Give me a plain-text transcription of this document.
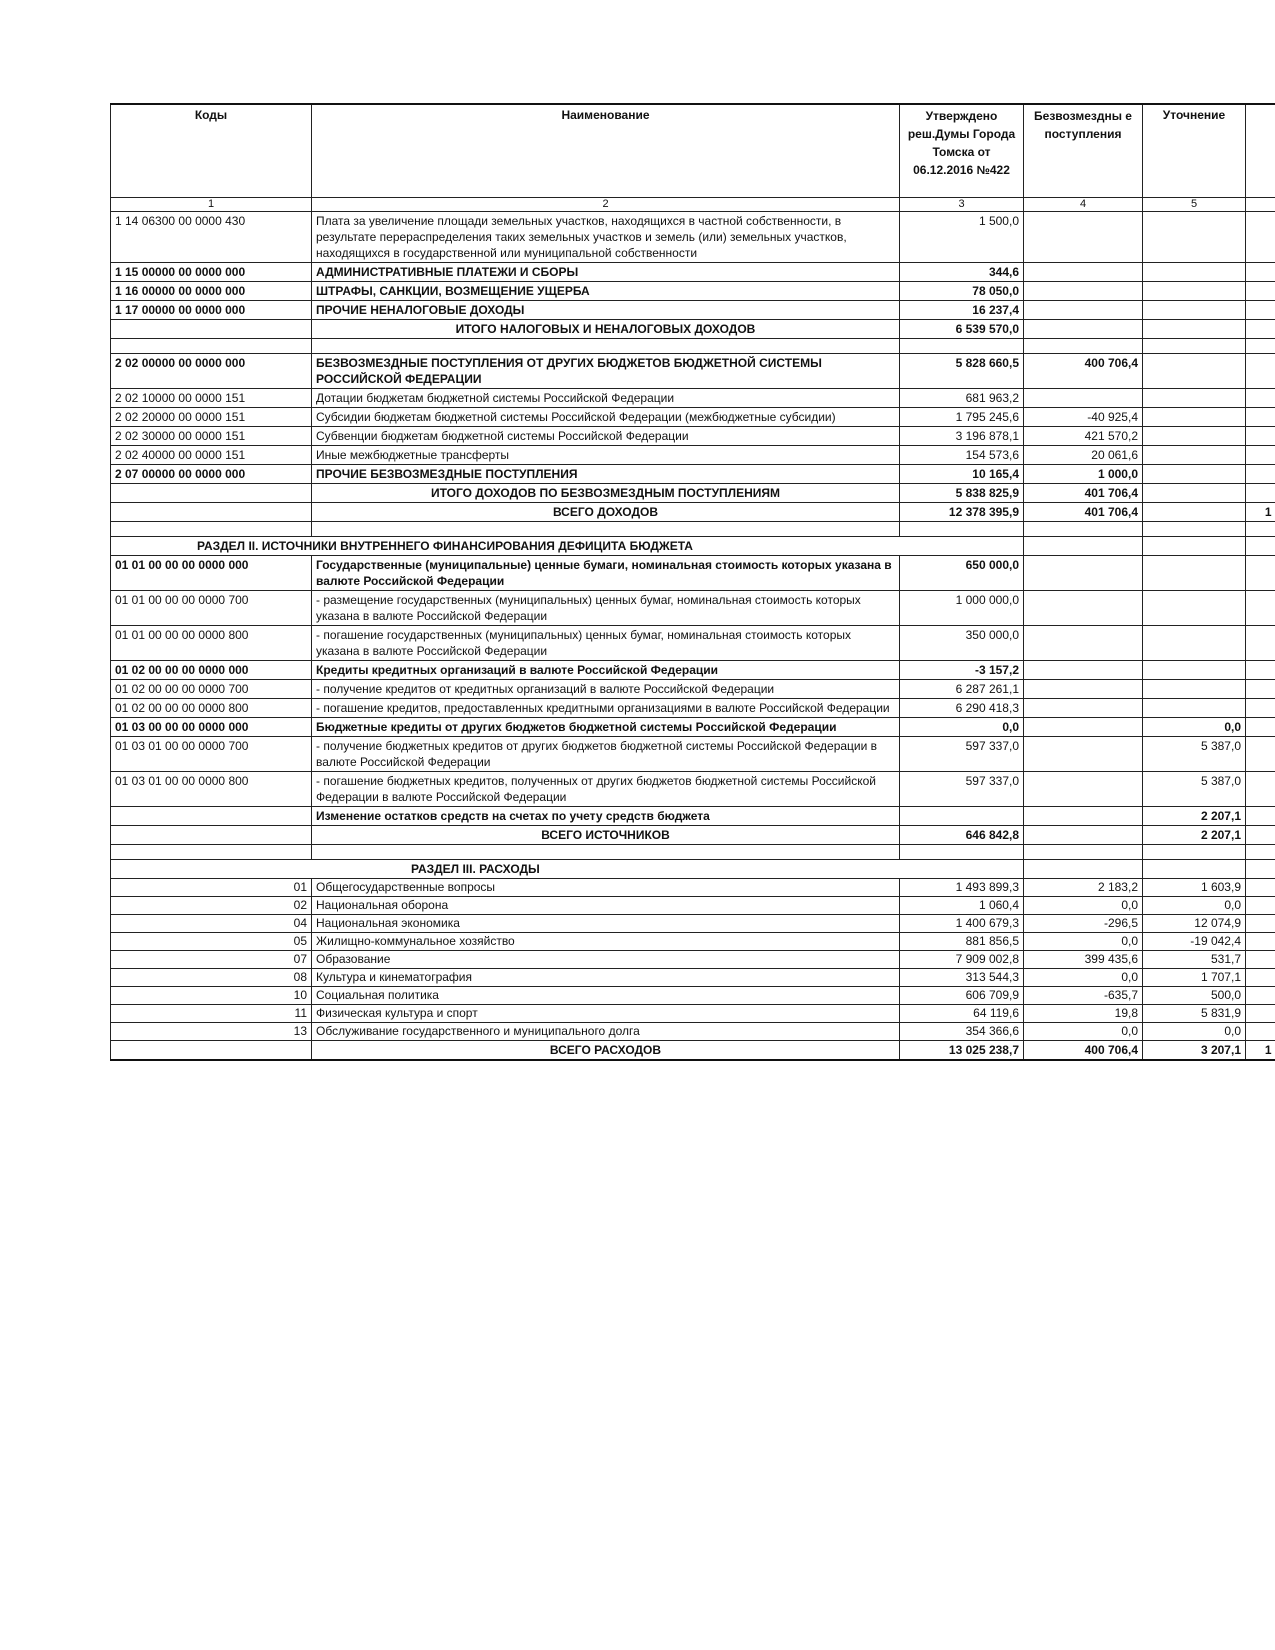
Коды	Наименование	Утверждено реш.Думы Города Томска от 06.12.2016 №422	Безвозмездны е поступления	Уточнение	
1	2	3	4	5	
1 14 06300 00 0000 430	Плата за увеличение площади земельных участков, находящихся в частной собственности, в результате перераспределения таких земельных участков и земель (или) земельных участков, находящихся в государственной или муниципальной собственности	1 500,0			
1 15 00000 00 0000 000	АДМИНИСТРАТИВНЫЕ ПЛАТЕЖИ И СБОРЫ	344,6			
1 16 00000 00 0000 000	ШТРАФЫ, САНКЦИИ, ВОЗМЕЩЕНИЕ УЩЕРБА	78 050,0			
1 17 00000 00 0000 000	ПРОЧИЕ НЕНАЛОГОВЫЕ ДОХОДЫ	16 237,4			
	ИТОГО НАЛОГОВЫХ И НЕНАЛОГОВЫХ ДОХОДОВ	6 539 570,0			

2 02 00000 00 0000 000	БЕЗВОЗМЕЗДНЫЕ ПОСТУПЛЕНИЯ ОТ ДРУГИХ БЮДЖЕТОВ БЮДЖЕТНОЙ СИСТЕМЫ РОССИЙСКОЙ ФЕДЕРАЦИИ	5 828 660,5	400 706,4		
2 02 10000 00 0000 151	Дотации бюджетам бюджетной системы Российской Федерации	681 963,2			
2 02 20000 00 0000 151	Субсидии бюджетам бюджетной системы Российской Федерации (межбюджетные субсидии)	1 795 245,6	-40 925,4		
2 02 30000 00 0000 151	Субвенции бюджетам бюджетной системы Российской Федерации	3 196 878,1	421 570,2		
2 02 40000 00 0000 151	Иные межбюджетные трансферты	154 573,6	20 061,6		
2 07 00000 00 0000 000	ПРОЧИЕ БЕЗВОЗМЕЗДНЫЕ ПОСТУПЛЕНИЯ	10 165,4	1 000,0		
	ИТОГО ДОХОДОВ ПО БЕЗВОЗМЕЗДНЫМ ПОСТУПЛЕНИЯМ	5 838 825,9	401 706,4		
	ВСЕГО ДОХОДОВ	12 378 395,9	401 706,4		1

РАЗДЕЛ II. ИСТОЧНИКИ ВНУТРЕННЕГО ФИНАНСИРОВАНИЯ ДЕФИЦИТА БЮДЖЕТА					
01 01 00 00 00 0000 000	Государственные (муниципальные) ценные бумаги, номинальная стоимость которых указана в валюте Российской Федерации	650 000,0			
01 01 00 00 00 0000 700	- размещение государственных (муниципальных) ценных бумаг, номинальная стоимость которых указана в валюте Российской Федерации	1 000 000,0			
01 01 00 00 00 0000 800	- погашение государственных (муниципальных) ценных бумаг, номинальная стоимость которых указана в валюте Российской Федерации	350 000,0			
01 02 00 00 00 0000 000	Кредиты кредитных организаций в валюте Российской Федерации	-3 157,2			
01 02 00 00 00 0000 700	- получение кредитов от кредитных организаций в валюте Российской Федерации	6 287 261,1			
01 02 00 00 00 0000 800	- погашение кредитов, предоставленных кредитными организациями в валюте Российской Федерации	6 290 418,3			
01 03 00 00 00 0000 000	Бюджетные кредиты от других бюджетов бюджетной системы Российской Федерации	0,0		0,0	
01 03 01 00 00 0000 700	- получение бюджетных кредитов от других бюджетов бюджетной системы Российской Федерации в валюте Российской Федерации	597 337,0		5 387,0	
01 03 01 00 00 0000 800	- погашение бюджетных кредитов, полученных от других бюджетов бюджетной системы Российской Федерации в валюте Российской Федерации	597 337,0		5 387,0	
	Изменение остатков средств на счетах по учету средств бюджета			2 207,1	
	ВСЕГО ИСТОЧНИКОВ	646 842,8		2 207,1	

РАЗДЕЛ III. РАСХОДЫ					
01	Общегосударственные вопросы	1 493 899,3	2 183,2	1 603,9	
02	Национальная оборона	1 060,4	0,0	0,0	
04	Национальная экономика	1 400 679,3	-296,5	12 074,9	
05	Жилищно-коммунальное хозяйство	881 856,5	0,0	-19 042,4	
07	Образование	7 909 002,8	399 435,6	531,7	
08	Культура и кинематография	313 544,3	0,0	1 707,1	
10	Социальная политика	606 709,9	-635,7	500,0	
11	Физическая культура и спорт	64 119,6	19,8	5 831,9	
13	Обслуживание государственного и муниципального долга	354 366,6	0,0	0,0	
	ВСЕГО РАСХОДОВ	13 025 238,7	400 706,4	3 207,1	1
